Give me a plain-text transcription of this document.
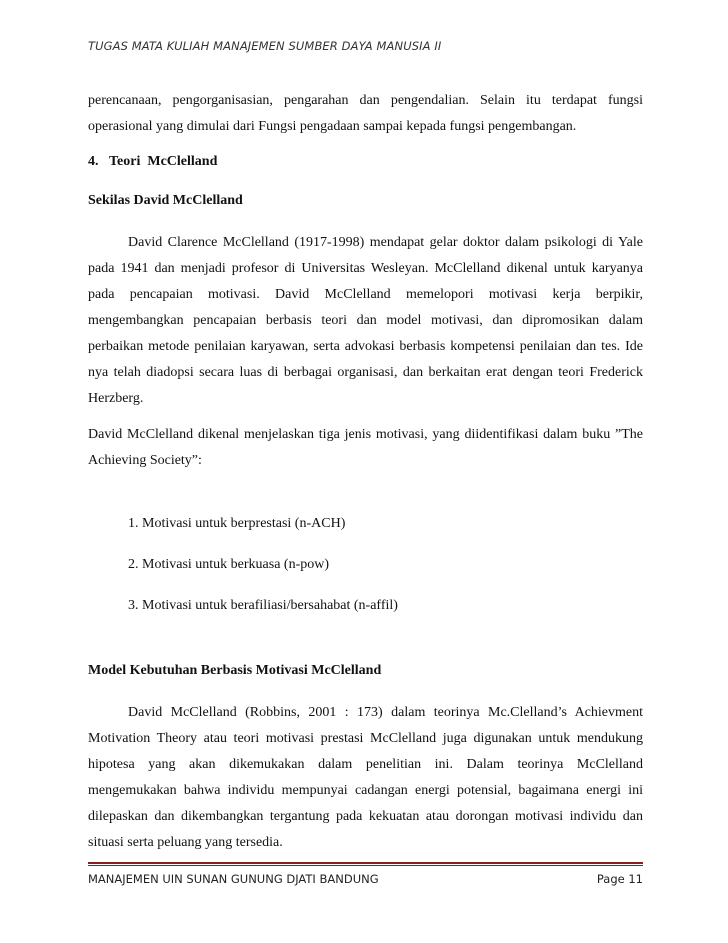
TUGAS MATA KULIAH MANAJEMEN SUMBER DAYA MANUSIA II
perencanaan, pengorganisasian, pengarahan dan pengendalian. Selain itu terdapat fungsi
operasional yang dimulai dari Fungsi pengadaan sampai kepada fungsi pengembangan.
4. Teori  McClelland
Sekilas David McClelland
David Clarence McClelland (1917-1998) mendapat gelar doktor dalam psikologi di Yale
pada 1941 dan menjadi profesor di Universitas Wesleyan. McClelland dikenal untuk karyanya
pada pencapaian motivasi. David McClelland memelopori motivasi kerja berpikir,
mengembangkan pencapaian berbasis teori dan model motivasi, dan dipromosikan dalam
perbaikan metode penilaian karyawan, serta advokasi berbasis kompetensi penilaian dan tes. Ide
nya telah diadopsi secara luas di berbagai organisasi, dan berkaitan erat dengan teori Frederick
Herzberg.
David McClelland dikenal menjelaskan tiga jenis motivasi, yang diidentifikasi dalam buku ”The
Achieving Society”:
1. Motivasi untuk berprestasi (n-ACH)
2. Motivasi untuk berkuasa (n-pow)
3. Motivasi untuk berafiliasi/bersahabat (n-affil)
Model Kebutuhan Berbasis Motivasi McClelland
David McClelland (Robbins, 2001 : 173) dalam teorinya Mc.Clelland’s Achievment
Motivation Theory atau teori motivasi prestasi McClelland juga digunakan untuk mendukung
hipotesa yang akan dikemukakan dalam penelitian ini. Dalam teorinya McClelland
mengemukakan bahwa individu mempunyai cadangan energi potensial, bagaimana energi ini
dilepaskan dan dikembangkan tergantung pada kekuatan atau dorongan motivasi individu dan
situasi serta peluang yang tersedia.
MANAJEMEN UIN SUNAN GUNUNG DJATI BANDUNG	Page 11
